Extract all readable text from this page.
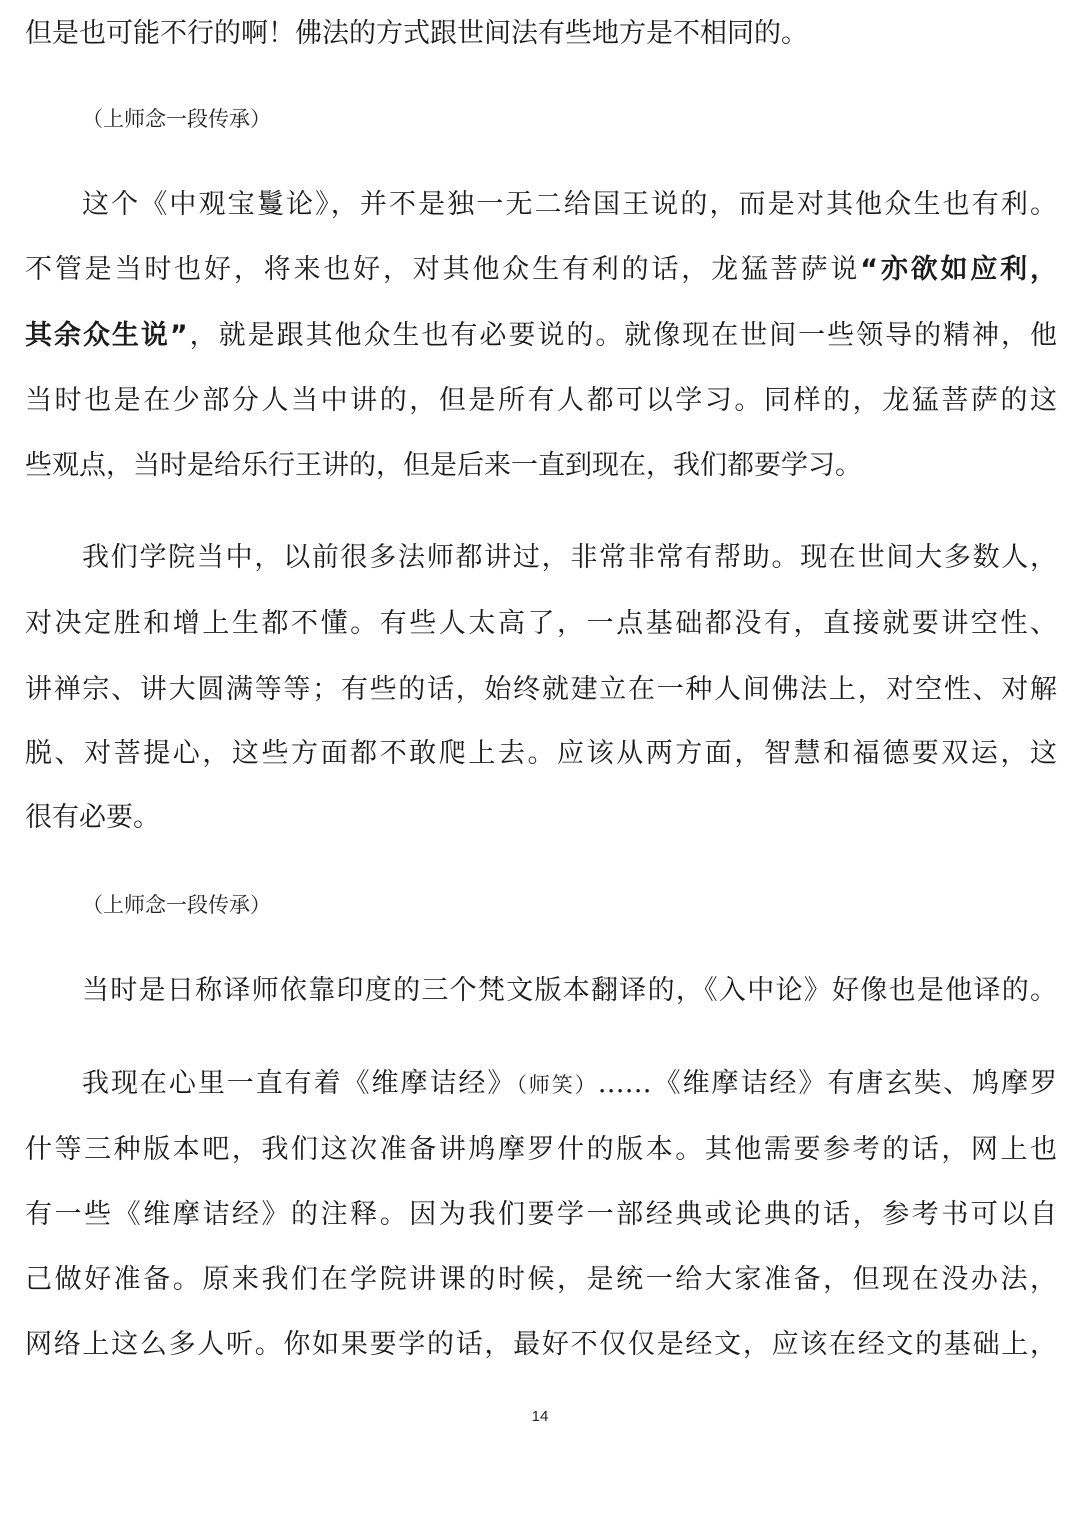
但是也可能不行的啊！佛法的方式跟世间法有些地方是不相同的。
（上师念一段传承）
这个《中观宝鬘论》，并不是独一无二给国王说的，而是对其他众生也有利。
不管是当时也好，将来也好，对其他众生有利的话，龙猛菩萨说“亦欲如应利，
其余众生说”，就是跟其他众生也有必要说的。就像现在世间一些领导的精神，他
当时也是在少部分人当中讲的，但是所有人都可以学习。同样的，龙猛菩萨的这
些观点，当时是给乐行王讲的，但是后来一直到现在，我们都要学习。
我们学院当中，以前很多法师都讲过，非常非常有帮助。现在世间大多数人，
对决定胜和增上生都不懂。有些人太高了，一点基础都没有，直接就要讲空性、
讲禅宗、讲大圆满等等；有些的话，始终就建立在一种人间佛法上，对空性、对解
脱、对菩提心，这些方面都不敢爬上去。应该从两方面，智慧和福德要双运，这
很有必要。
（上师念一段传承）
当时是日称译师依靠印度的三个梵文版本翻译的，《入中论》好像也是他译的。
我现在心里一直有着《维摩诘经》（师笑）……《维摩诘经》有唐玄奘、鸠摩罗
什等三种版本吧，我们这次准备讲鸠摩罗什的版本。其他需要参考的话，网上也
有一些《维摩诘经》的注释。因为我们要学一部经典或论典的话，参考书可以自
己做好准备。原来我们在学院讲课的时候，是统一给大家准备，但现在没办法，
网络上这么多人听。你如果要学的话，最好不仅仅是经文，应该在经文的基础上，
14
